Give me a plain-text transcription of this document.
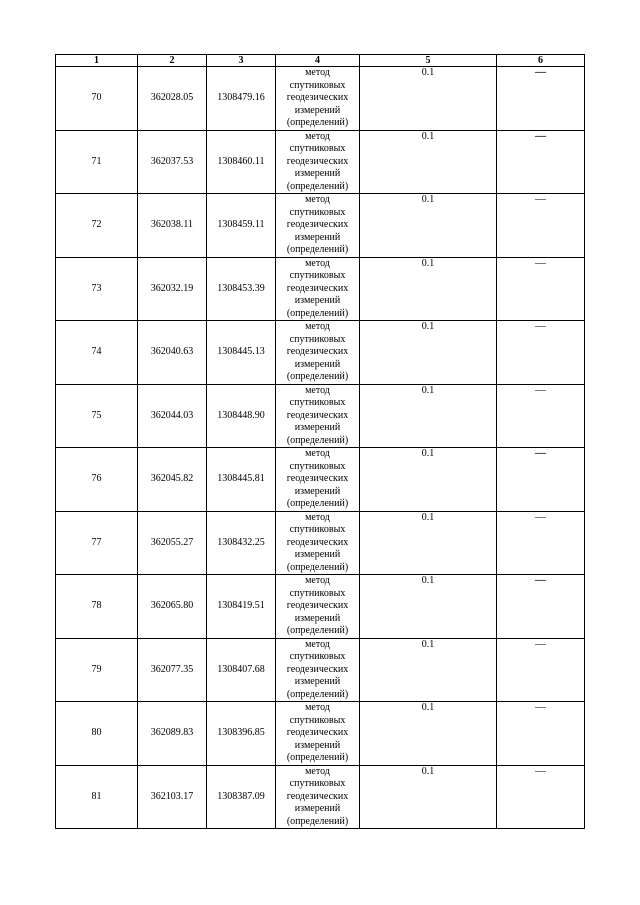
1	2	3	4	5	6
70	362028.05	1308479.16	метод
спутниковых
геодезических
измерений
(определений)	0.1	—
71	362037.53	1308460.11	метод
спутниковых
геодезических
измерений
(определений)	0.1	—
72	362038.11	1308459.11	метод
спутниковых
геодезических
измерений
(определений)	0.1	—
73	362032.19	1308453.39	метод
спутниковых
геодезических
измерений
(определений)	0.1	—
74	362040.63	1308445.13	метод
спутниковых
геодезических
измерений
(определений)	0.1	—
75	362044.03	1308448.90	метод
спутниковых
геодезических
измерений
(определений)	0.1	—
76	362045.82	1308445.81	метод
спутниковых
геодезических
измерений
(определений)	0.1	—
77	362055.27	1308432.25	метод
спутниковых
геодезических
измерений
(определений)	0.1	—
78	362065.80	1308419.51	метод
спутниковых
геодезических
измерений
(определений)	0.1	—
79	362077.35	1308407.68	метод
спутниковых
геодезических
измерений
(определений)	0.1	—
80	362089.83	1308396.85	метод
спутниковых
геодезических
измерений
(определений)	0.1	—
81	362103.17	1308387.09	метод
спутниковых
геодезических
измерений
(определений)	0.1	—
